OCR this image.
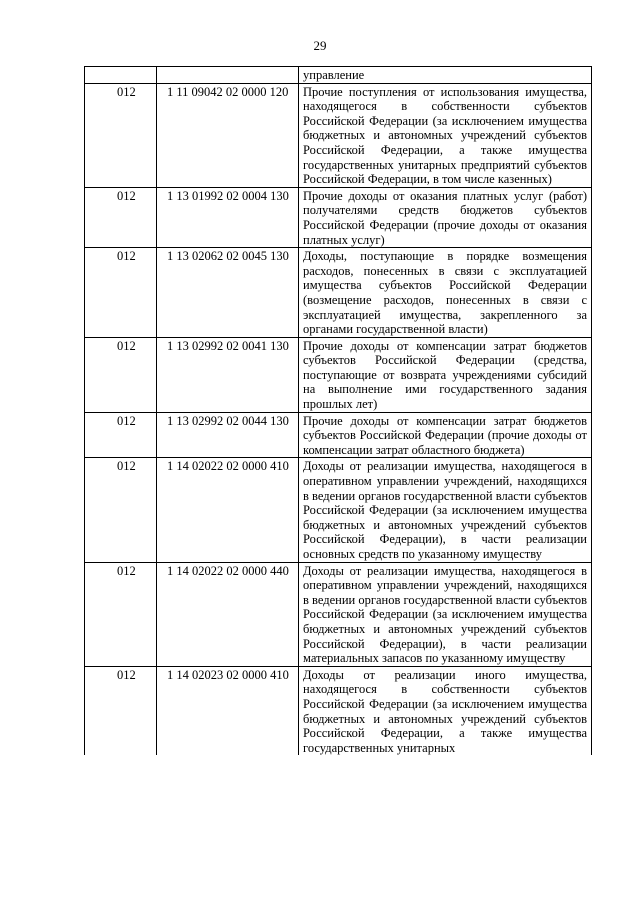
29
		управление
012	1 11 09042 02 0000 120	Прочие поступления от использования имущества, находящегося в собственности субъектов Российской Федерации (за исключением имущества бюджетных и автономных учреждений субъектов Российской Федерации, а также имущества государственных унитарных предприятий субъектов Российской Федерации, в том числе казенных)
012	1 13 01992 02 0004 130	Прочие доходы от оказания платных услуг (работ) получателями средств бюджетов субъектов Российской Федерации (прочие доходы от оказания платных услуг)
012	1 13 02062 02 0045 130	Доходы, поступающие в порядке возмещения расходов, понесенных в связи с эксплуатацией имущества субъектов Российской Федерации (возмещение расходов, понесенных в связи с эксплуатацией имущества, закрепленного за органами государственной власти)
012	1 13 02992 02 0041 130	Прочие доходы от компенсации затрат бюджетов субъектов Российской Федерации (средства, поступающие от возврата учреждениями субсидий на выполнение ими государственного задания прошлых лет)
012	1 13 02992 02 0044 130	Прочие доходы от компенсации затрат бюджетов субъектов Российской Федерации (прочие доходы от компенсации затрат областного бюджета)
012	1 14 02022 02 0000 410	Доходы от реализации имущества, находящегося в оперативном управлении учреждений, находящихся в ведении органов государственной власти субъектов Российской Федерации (за исключением имущества бюджетных и автономных учреждений субъектов Российской Федерации), в части реализации основных средств по указанному имуществу
012	1 14 02022 02 0000 440	Доходы от реализации имущества, находящегося в оперативном управлении учреждений, находящихся в ведении органов государственной власти субъектов Российской Федерации (за исключением имущества бюджетных и автономных учреждений субъектов Российской Федерации), в части реализации материальных запасов по указанному имуществу
012	1 14 02023 02 0000 410	Доходы от реализации иного имущества, находящегося в собственности субъектов Российской Федерации (за исключением имущества бюджетных и автономных учреждений субъектов Российской Федерации, а также имущества государственных унитарных
